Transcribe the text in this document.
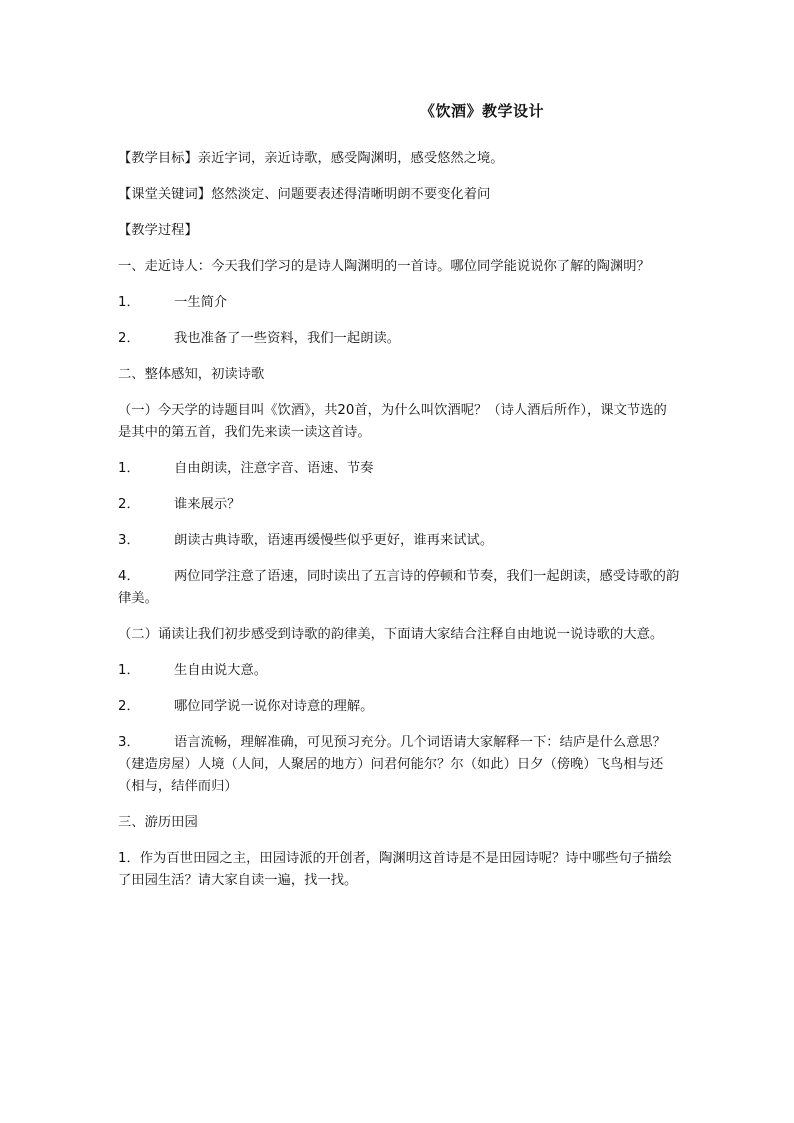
《饮酒》教学设计

【教学目标】亲近字词，亲近诗歌，感受陶渊明，感受悠然之境。

【课堂关键词】悠然淡定、问题要表述得清晰明朗不要变化着问

【教学过程】

一、走近诗人：今天我们学习的是诗人陶渊明的一首诗。哪位同学能说说你了解的陶渊明？

1．	一生简介

2．	我也准备了一些资料，我们一起朗读。

二、整体感知，初读诗歌

（一）今天学的诗题目叫《饮酒》，共20首，为什么叫饮酒呢？（诗人酒后所作），课文节选的是其中的第五首，我们先来读一读这首诗。

1．	自由朗读，注意字音、语速、节奏

2．	谁来展示？

3．	朗读古典诗歌，语速再缓慢些似乎更好，谁再来试试。

4．	两位同学注意了语速，同时读出了五言诗的停顿和节奏，我们一起朗读，感受诗歌的韵律美。

（二）诵读让我们初步感受到诗歌的韵律美，下面请大家结合注释自由地说一说诗歌的大意。

1．	生自由说大意。

2．	哪位同学说一说你对诗意的理解。

3．	语言流畅，理解准确，可见预习充分。几个词语请大家解释一下：结庐是什么意思？（建造房屋）人境（人间，人聚居的地方）问君何能尔？尔（如此）日夕（傍晚）飞鸟相与还（相与，结伴而归）

三、游历田园

1．作为百世田园之主，田园诗派的开创者，陶渊明这首诗是不是田园诗呢？诗中哪些句子描绘了田园生活？请大家自读一遍，找一找。
